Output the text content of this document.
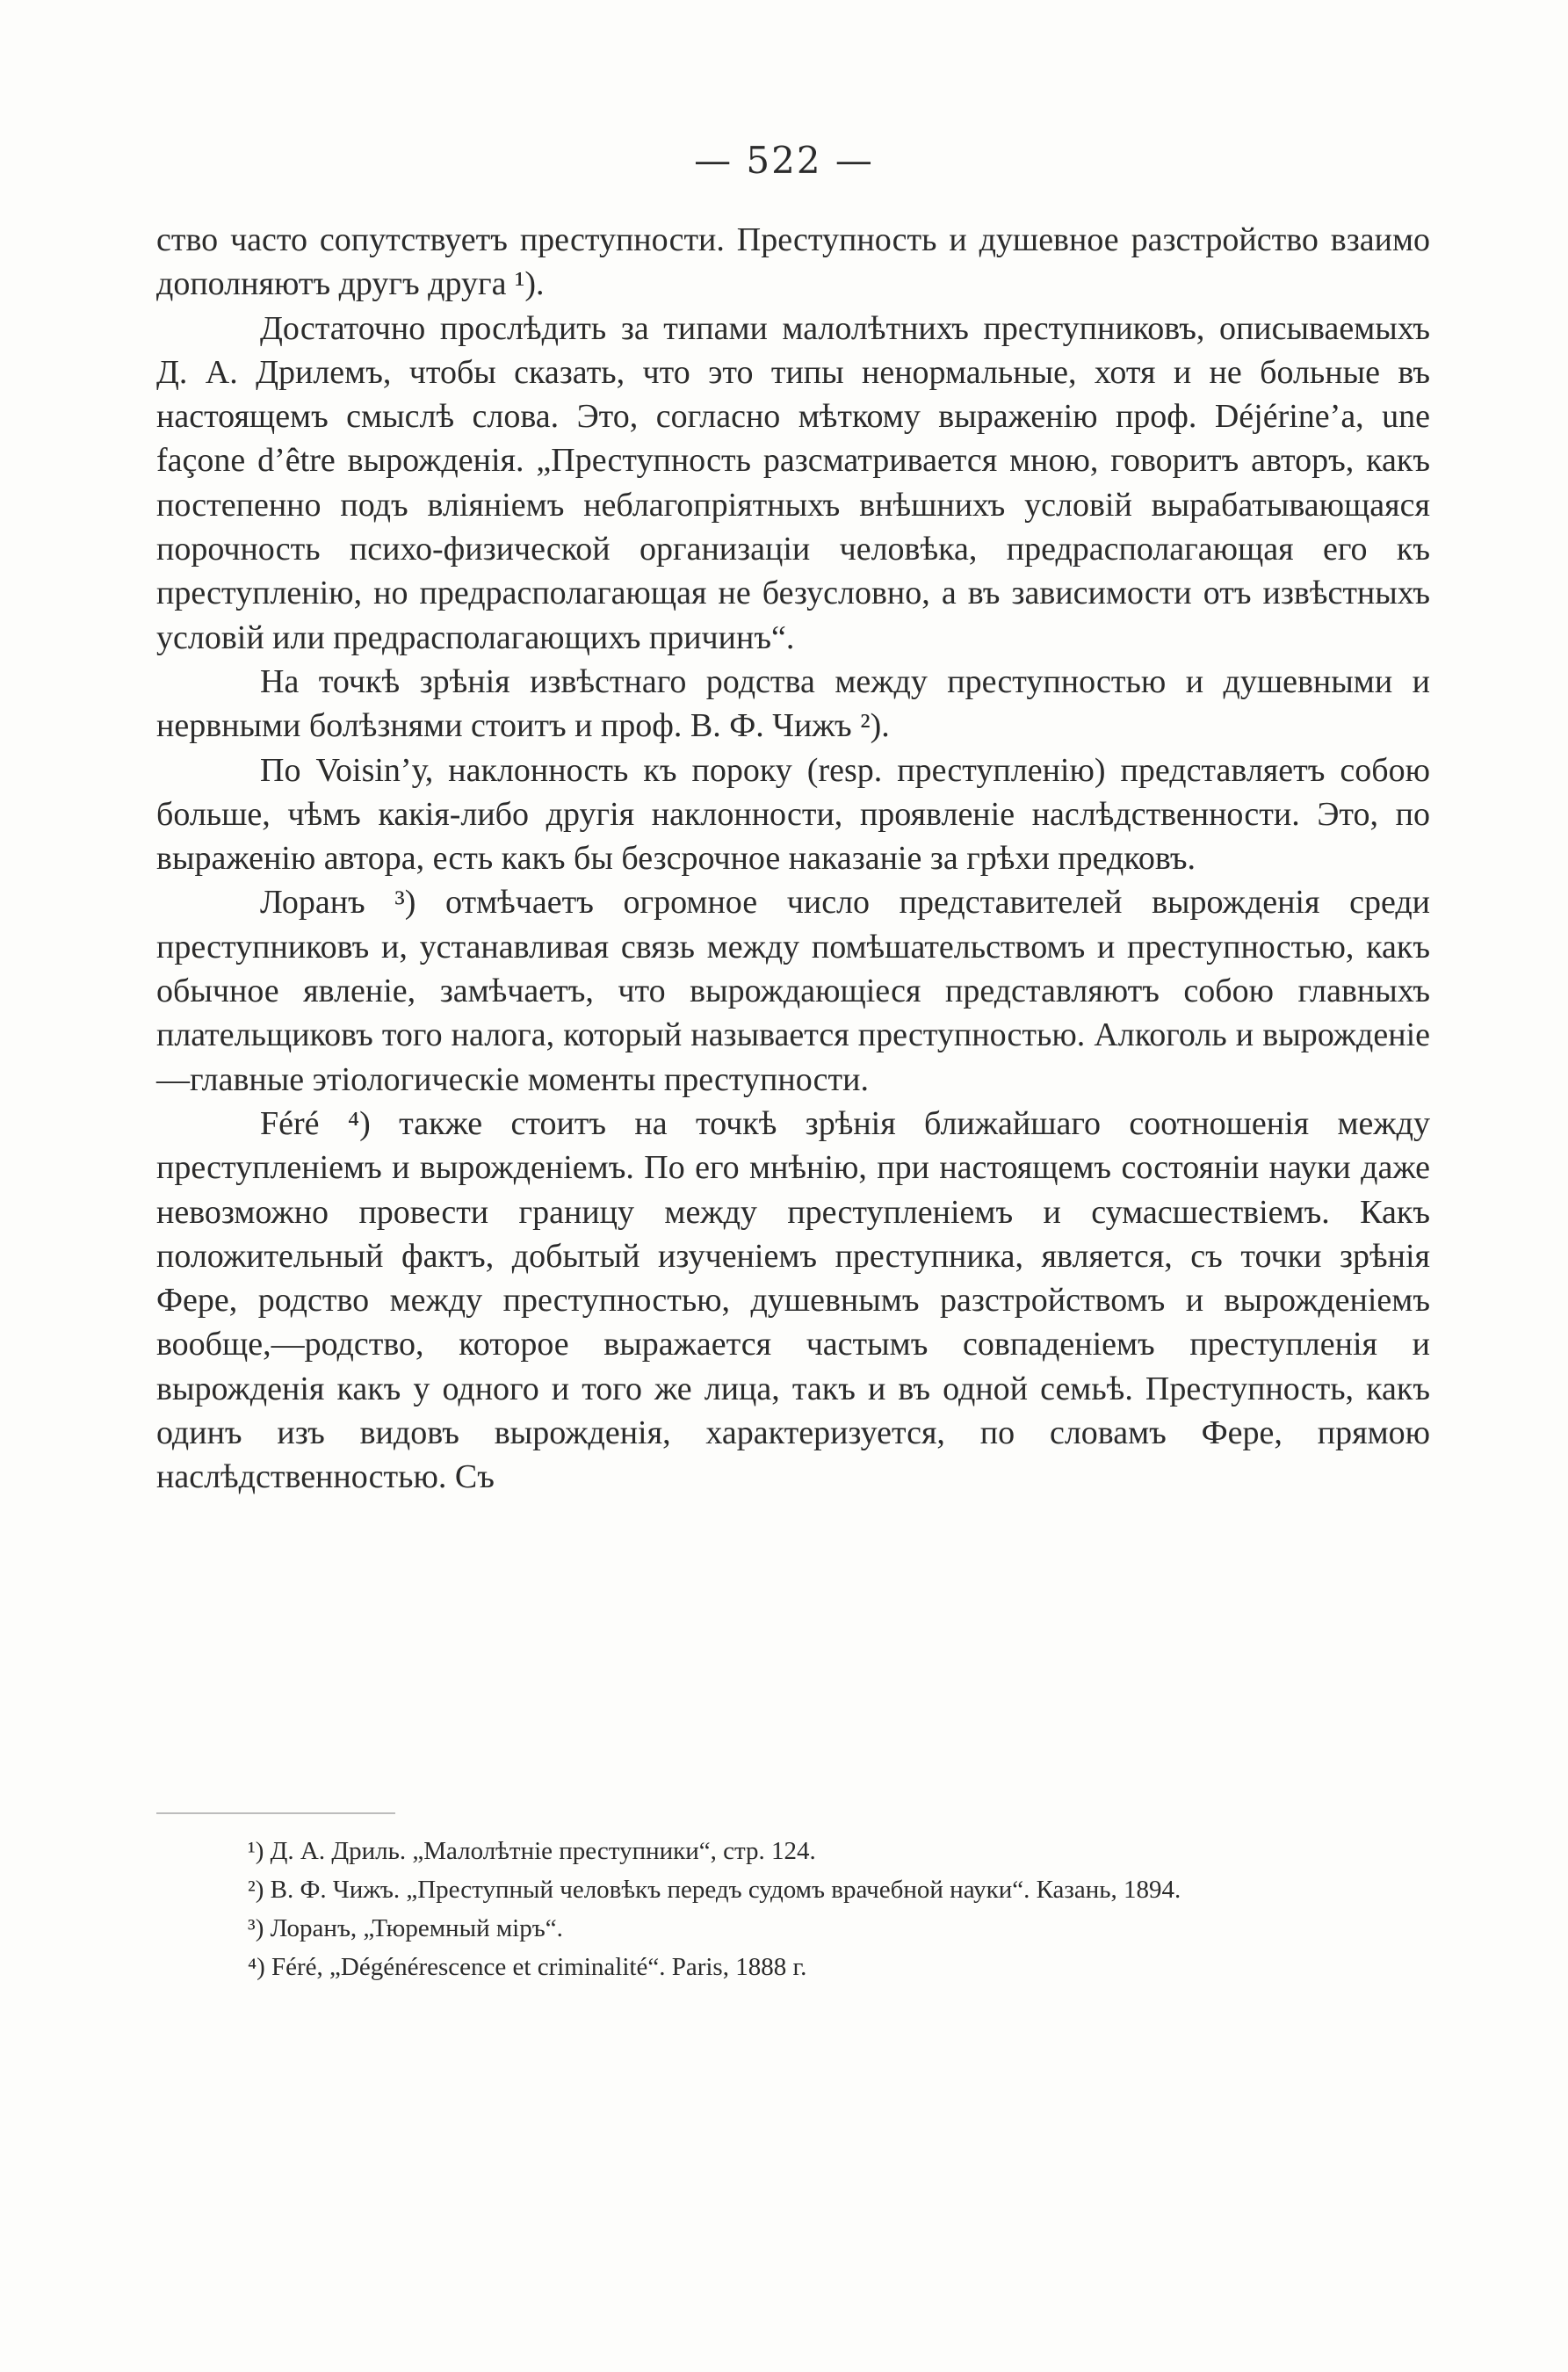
— 522 —

ство часто сопутствуетъ преступности. Преступность и душевное разстройство взаимо дополняютъ другъ друга ¹).

Достаточно прослѣдить за типами малолѣтнихъ преступниковъ, описываемыхъ Д. А. Дрилемъ, чтобы сказать, что это типы ненормальные, хотя и не больные въ настоящемъ смыслѣ слова. Это, согласно мѣткому выраженію проф. Déjérine’a, une façone d’être вырожденія. „Преступность разсматривается мною, говоритъ авторъ, какъ постепенно подъ вліяніемъ неблагопріятныхъ внѣшнихъ условій вырабатывающаяся порочность психо-физической организаціи человѣка, предрасполагающая его къ преступленію, но предрасполагающая не безусловно, а въ зависимости отъ извѣстныхъ условій или предрасполагающихъ причинъ“.

На точкѣ зрѣнія извѣстнаго родства между преступностью и душевными и нервными болѣзнями стоитъ и проф. В. Ф. Чижъ ²).

По Voisin’у, наклонность къ пороку (resp. преступленію) представляетъ собою больше, чѣмъ какія-либо другія наклонности, проявленіе наслѣдственности. Это, по выраженію автора, есть какъ бы безсрочное наказаніе за грѣхи предковъ.

Лоранъ ³) отмѣчаетъ огромное число представителей вырожденія среди преступниковъ и, устанавливая связь между помѣшательствомъ и преступностью, какъ обычное явленіе, замѣчаетъ, что вырождающіеся представляютъ собою главныхъ плательщиковъ того налога, который называется преступностью. Алкоголь и вырожденіе—главные этіологическіе моменты преступности.

Féré ⁴) также стоитъ на точкѣ зрѣнія ближайшаго соотношенія между преступленіемъ и вырожденіемъ. По его мнѣнію, при настоящемъ состояніи науки даже невозможно провести границу между преступленіемъ и сумасшествіемъ. Какъ положительный фактъ, добытый изученіемъ преступника, является, съ точки зрѣнія Фере, родство между преступностью, душевнымъ разстройствомъ и вырожденіемъ вообще,—родство, которое выражается частымъ совпаденіемъ преступленія и вырожденія какъ у одного и того же лица, такъ и въ одной семьѣ. Преступность, какъ одинъ изъ видовъ вырожденія, характеризуется, по словамъ Фере, прямою наслѣдственностью. Съ

¹) Д. А. Дриль. „Малолѣтніе преступники“, стр. 124.

²) В. Ф. Чижъ. „Преступный человѣкъ передъ судомъ врачебной науки“. Казань, 1894.

³) Лоранъ, „Тюремный міръ“.

⁴) Féré, „Dégénérescence et criminalité“. Paris, 1888 г.
